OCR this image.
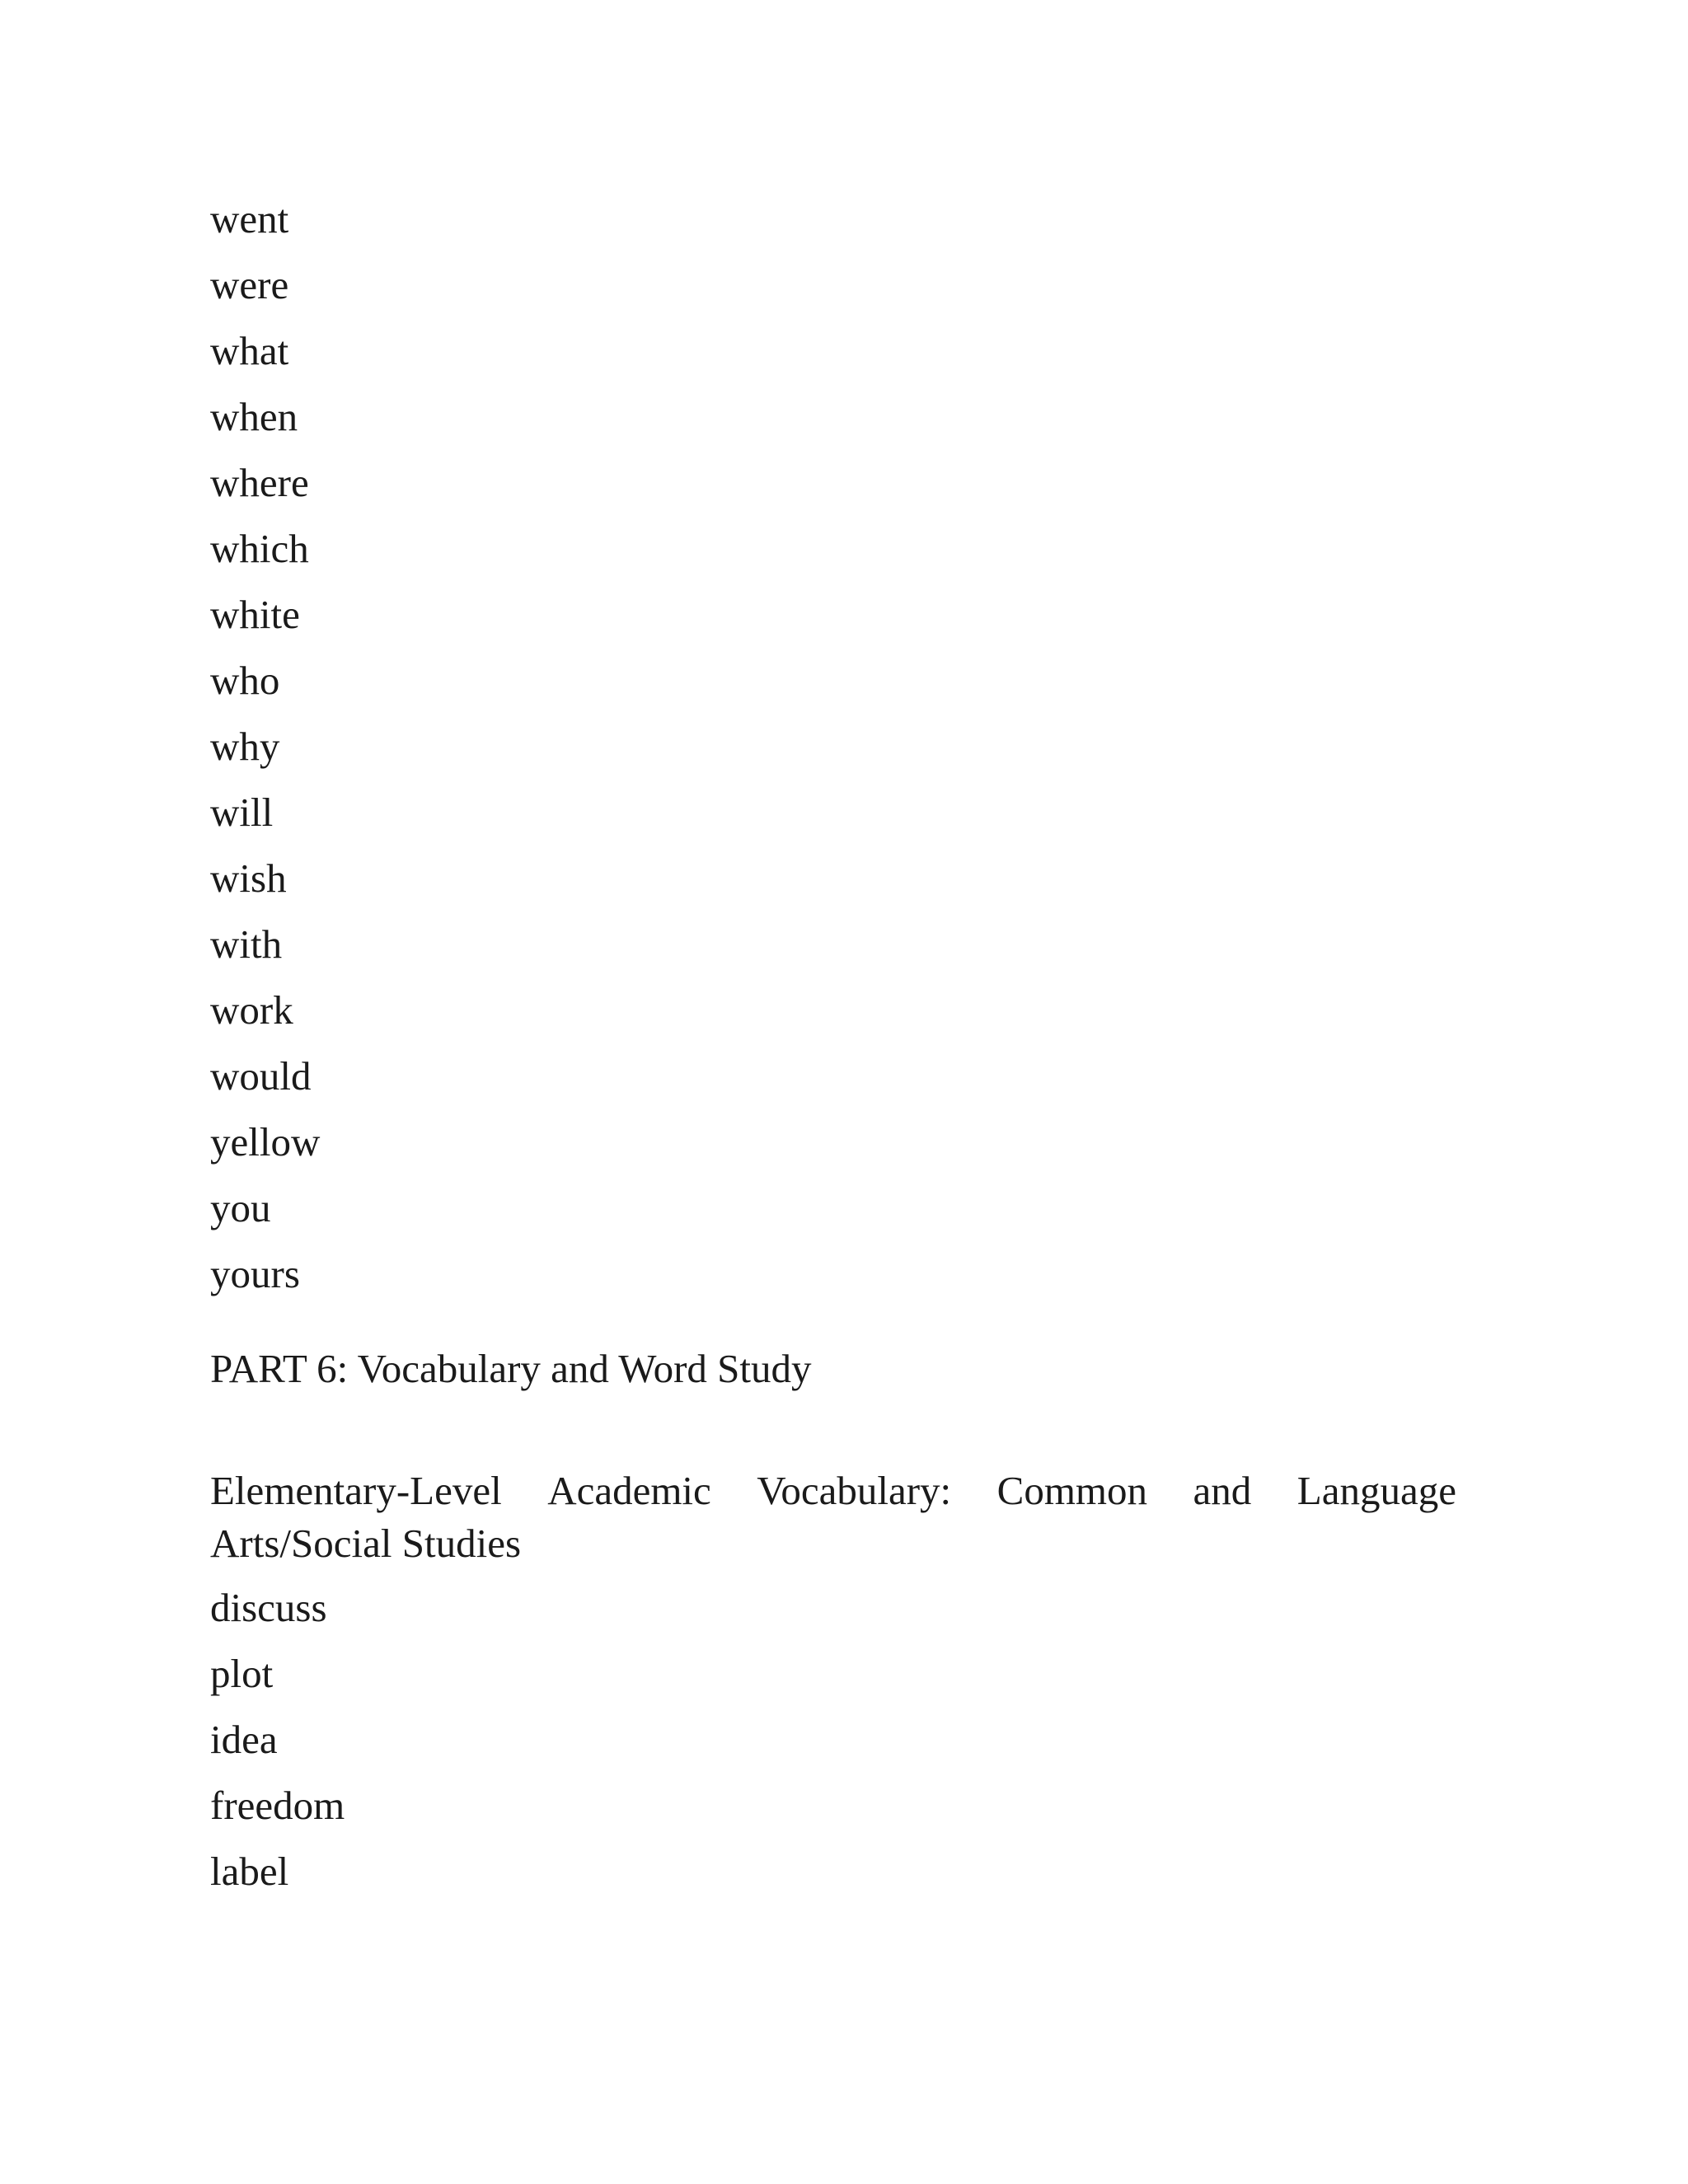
went
were
what
when
where
which
white
who
why
will
wish
with
work
would
yellow
you
yours
PART 6: Vocabulary and Word Study
Elementary-Level Academic Vocabulary: Common and Language
Arts/Social Studies
discuss
plot
idea
freedom
label
